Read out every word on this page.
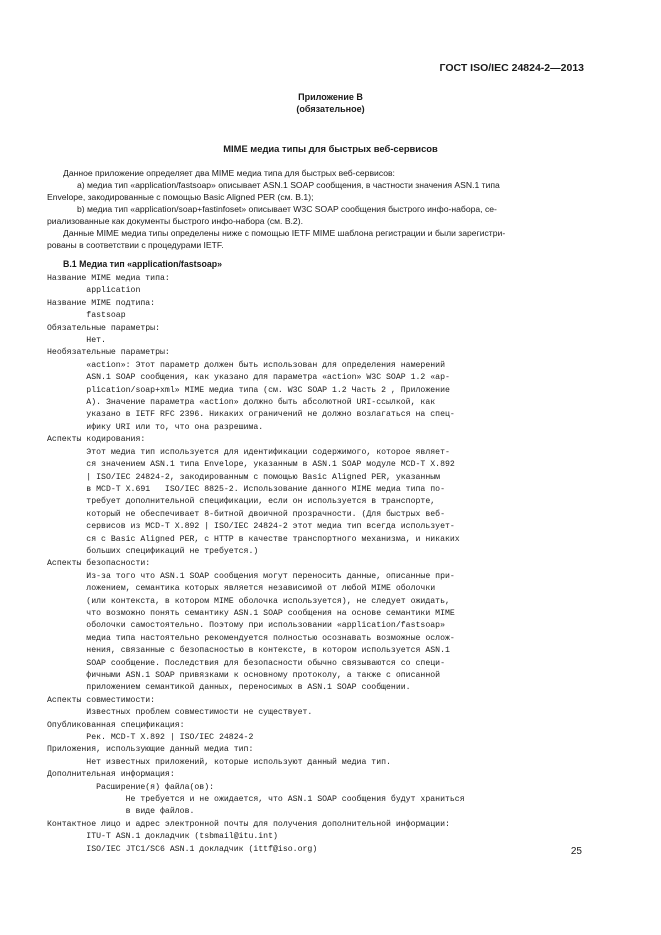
ГОСТ ISO/IEC 24824-2—2013
Приложение В
(обязательное)
MIME медиа типы для быстрых веб-сервисов
Данное приложение определяет два MIME медиа типа для быстрых веб-сервисов:
а) медиа тип «application/fastsoap» описывает ASN.1 SOAP сообщения, в частности значения ASN.1 типа
Envelope, закодированные с помощью Basic Aligned PER (см. В.1);
b) медиа тип «application/soap+fastinfoset» описывает W3C SOAP сообщения быстрого инфо-набора, се-
риализованные как документы быстрого инфо-набора (см. В.2).
Данные MIME медиа типы определены ниже с помощью IETF MIME шаблона регистрации и были зарегистри-
рованы в соответствии с процедурами IETF.
В.1 Медиа тип «application/fastsoap»
Название MIME медиа типа:
application
Название MIME подтипа:
fastsoap
Обязательные параметры:
Нет.
Необязательные параметры:
«action»: Этот параметр должен быть использован для определения намерений
ASN.1 SOAP сообщения, как указано для параметра «action» W3C SOAP 1.2 «ap-
plication/soap+xml» MIME медиа типа (см. W3C SOAP 1.2 Часть 2 , Приложение
А). Значение параметра «action» должно быть абсолютной URI-ссылкой, как
указано в IETF RFC 2396. Никаких ограничений не должно возлагаться на спец-
ифику URI или то, что она разрешима.
Аспекты кодирования:
Этот медиа тип используется для идентификации содержимого, которое являет-
ся значением ASN.1 типа Envelope, указанным в ASN.1 SOAP модуле MCD-T X.892
| ISO/IEC 24824-2, закодированным с помощью Basic Aligned PER, указанным
в MCD-T X.691   ISO/IEC 8825-2. Использование данного MIME медиа типа по-
требует дополнительной спецификации, если он используется в транспорте,
который не обеспечивает 8-битной двоичной прозрачности. (Для быстрых веб-
сервисов из MCD-T X.892 | ISO/IEC 24824-2 этот медиа тип всегда использует-
ся с Basic Aligned PER, с HTTP в качестве транспортного механизма, и никаких
больших спецификаций не требуется.)
Аспекты безопасности:
Из-за того что ASN.1 SOAP сообщения могут переносить данные, описанные при-
ложением, семантика которых является независимой от любой MIME оболочки
(или контекста, в котором MIME оболочка используется), не следует ожидать,
что возможно понять семантику ASN.1 SOAP сообщения на основе семантики MIME
оболочки самостоятельно. Поэтому при использовании «application/fastsoap»
медиа типа настоятельно рекомендуется полностью осознавать возможные ослож-
нения, связанные с безопасностью в контексте, в котором используется ASN.1
SOAP сообщение. Последствия для безопасности обычно связываются со специ-
фичными ASN.1 SOAP привязками к основному протоколу, а также с описанной
приложением семантикой данных, переносимых в ASN.1 SOAP сообщении.
Аспекты совместимости:
Известных проблем совместимости не существует.
Опубликованная спецификация:
Рек. MCD-T X.892 | ISO/IEC 24824-2
Приложения, использующие данный медиа тип:
Нет известных приложений, которые используют данный медиа тип.
Дополнительная информация:
Расширение(я) файла(ов):
Не требуется и не ожидается, что ASN.1 SOAP сообщения будут храниться
в виде файлов.
Контактное лицо и адрес электронной почты для получения дополнительной информации:
ITU-T ASN.1 докладчик (tsbmail@itu.int)
ISO/IEC JTC1/SC6 ASN.1 докладчик (ittf@iso.org)	25
